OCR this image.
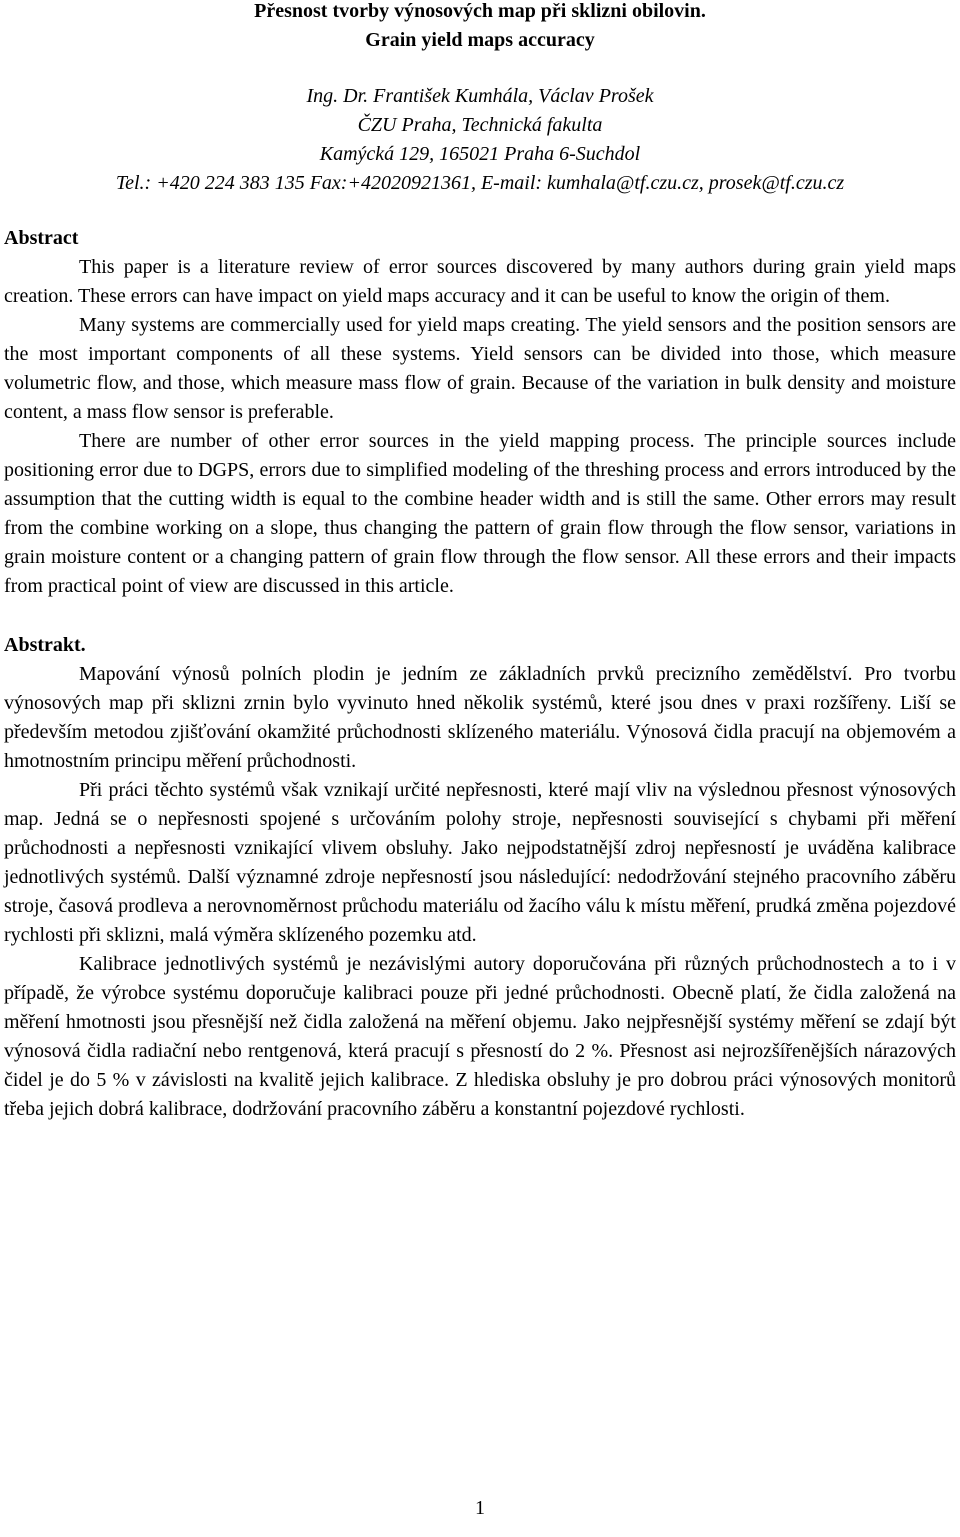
Přesnost tvorby výnosových map při sklizni obilovin.
Grain yield maps accuracy
Ing. Dr. František Kumhála, Václav Prošek
ČZU Praha, Technická fakulta
Kamýcká 129, 165021 Praha 6-Suchdol
Tel.: +420 224 383 135 Fax:+42020921361, E-mail: kumhala@tf.czu.cz, prosek@tf.czu.cz
Abstract

This paper is a literature review of error sources discovered by many authors during grain yield maps creation. These errors can have impact on yield maps accuracy and it can be useful to know the origin of them.

Many systems are commercially used for yield maps creating. The yield sensors and the position sensors are the most important components of all these systems. Yield sensors can be divided into those, which measure volumetric flow, and those, which measure mass flow of grain. Because of the variation in bulk density and moisture content, a mass flow sensor is preferable.

There are number of other error sources in the yield mapping process. The principle sources include positioning error due to DGPS, errors due to simplified modeling of the threshing process and errors introduced by the assumption that the cutting width is equal to the combine header width and is still the same. Other errors may result from the combine working on a slope, thus changing the pattern of grain flow through the flow sensor, variations in grain moisture content or a changing pattern of grain flow through the flow sensor. All these errors and their impacts from practical point of view are discussed in this article.

Abstrakt.

Mapování výnosů polních plodin je jedním ze základních prvků precizního zemědělství. Pro tvorbu výnosových map při sklizni zrnin bylo vyvinuto hned několik systémů, které jsou dnes v praxi rozšířeny. Liší se především metodou zjišťování okamžité průchodnosti sklízeného materiálu. Výnosová čidla pracují na objemovém a hmotnostním principu měření průchodnosti.

Při práci těchto systémů však vznikají určité nepřesnosti, které mají vliv na výslednou přesnost výnosových map. Jedná se o nepřesnosti spojené s určováním polohy stroje, nepřesnosti související s chybami při měření průchodnosti a nepřesnosti vznikající vlivem obsluhy. Jako nejpodstatnější zdroj nepřesností je uváděna kalibrace jednotlivých systémů. Další významné zdroje nepřesností jsou následující: nedodržování stejného pracovního záběru stroje, časová prodleva a nerovnoměrnost průchodu materiálu od žacího válu k místu měření, prudká změna pojezdové rychlosti při sklizni, malá výměra sklízeného pozemku atd.

Kalibrace jednotlivých systémů je nezávislými autory doporučována při různých průchodnostech a to i v případě, že výrobce systému doporučuje kalibraci pouze při jedné průchodnosti. Obecně platí, že čidla založená na měření hmotnosti jsou přesnější než čidla založená na měření objemu. Jako nejpřesnější systémy měření se zdají být výnosová čidla radiační nebo rentgenová, která pracují s přesností do 2 %. Přesnost asi nejrozšířenějších nárazových čidel je do 5 % v závislosti na kvalitě jejich kalibrace. Z hlediska obsluhy je pro dobrou práci výnosových monitorů třeba jejich dobrá kalibrace, dodržování pracovního záběru a konstantní pojezdové rychlosti.

1
